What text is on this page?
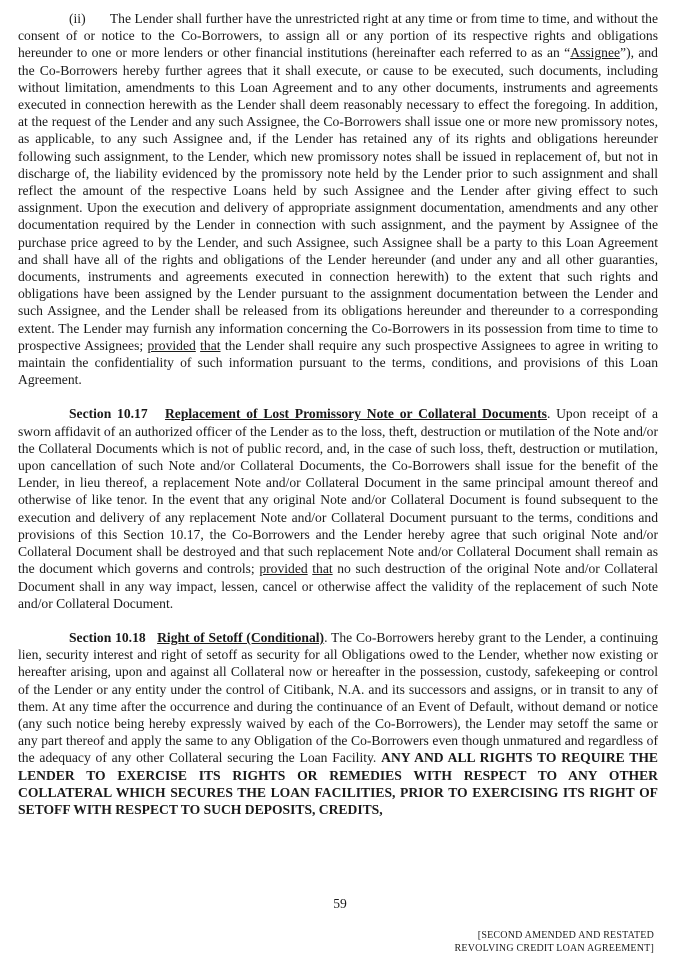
(ii) The Lender shall further have the unrestricted right at any time or from time to time, and without the consent of or notice to the Co-Borrowers, to assign all or any portion of its respective rights and obligations hereunder to one or more lenders or other financial institutions (hereinafter each referred to as an “Assignee”), and the Co-Borrowers hereby further agrees that it shall execute, or cause to be executed, such documents, including without limitation, amendments to this Loan Agreement and to any other documents, instruments and agreements executed in connection herewith as the Lender shall deem reasonably necessary to effect the foregoing. In addition, at the request of the Lender and any such Assignee, the Co-Borrowers shall issue one or more new promissory notes, as applicable, to any such Assignee and, if the Lender has retained any of its rights and obligations hereunder following such assignment, to the Lender, which new promissory notes shall be issued in replacement of, but not in discharge of, the liability evidenced by the promissory note held by the Lender prior to such assignment and shall reflect the amount of the respective Loans held by such Assignee and the Lender after giving effect to such assignment. Upon the execution and delivery of appropriate assignment documentation, amendments and any other documentation required by the Lender in connection with such assignment, and the payment by Assignee of the purchase price agreed to by the Lender, and such Assignee, such Assignee shall be a party to this Loan Agreement and shall have all of the rights and obligations of the Lender hereunder (and under any and all other guaranties, documents, instruments and agreements executed in connection herewith) to the extent that such rights and obligations have been assigned by the Lender pursuant to the assignment documentation between the Lender and such Assignee, and the Lender shall be released from its obligations hereunder and thereunder to a corresponding extent. The Lender may furnish any information concerning the Co-Borrowers in its possession from time to time to prospective Assignees; provided that the Lender shall require any such prospective Assignees to agree in writing to maintain the confidentiality of such information pursuant to the terms, conditions, and provisions of this Loan Agreement.

Section 10.17 Replacement of Lost Promissory Note or Collateral Documents. Upon receipt of a sworn affidavit of an authorized officer of the Lender as to the loss, theft, destruction or mutilation of the Note and/or the Collateral Documents which is not of public record, and, in the case of such loss, theft, destruction or mutilation, upon cancellation of such Note and/or Collateral Documents, the Co-Borrowers shall issue for the benefit of the Lender, in lieu thereof, a replacement Note and/or Collateral Document in the same principal amount thereof and otherwise of like tenor. In the event that any original Note and/or Collateral Document is found subsequent to the execution and delivery of any replacement Note and/or Collateral Document pursuant to the terms, conditions and provisions of this Section 10.17, the Co-Borrowers and the Lender hereby agree that such original Note and/or Collateral Document shall be destroyed and that such replacement Note and/or Collateral Document shall remain as the document which governs and controls; provided that no such destruction of the original Note and/or Collateral Document shall in any way impact, lessen, cancel or otherwise affect the validity of the replacement of such Note and/or Collateral Document.

Section 10.18 Right of Setoff (Conditional). The Co-Borrowers hereby grant to the Lender, a continuing lien, security interest and right of setoff as security for all Obligations owed to the Lender, whether now existing or hereafter arising, upon and against all Collateral now or hereafter in the possession, custody, safekeeping or control of the Lender or any entity under the control of Citibank, N.A. and its successors and assigns, or in transit to any of them. At any time after the occurrence and during the continuance of an Event of Default, without demand or notice (any such notice being hereby expressly waived by each of the Co-Borrowers), the Lender may setoff the same or any part thereof and apply the same to any Obligation of the Co-Borrowers even though unmatured and regardless of the adequacy of any other Collateral securing the Loan Facility. ANY AND ALL RIGHTS TO REQUIRE THE LENDER TO EXERCISE ITS RIGHTS OR REMEDIES WITH RESPECT TO ANY OTHER COLLATERAL WHICH SECURES THE LOAN FACILITIES, PRIOR TO EXERCISING ITS RIGHT OF SETOFF WITH RESPECT TO SUCH DEPOSITS, CREDITS,

59
[SECOND AMENDED AND RESTATED
REVOLVING CREDIT LOAN AGREEMENT]
